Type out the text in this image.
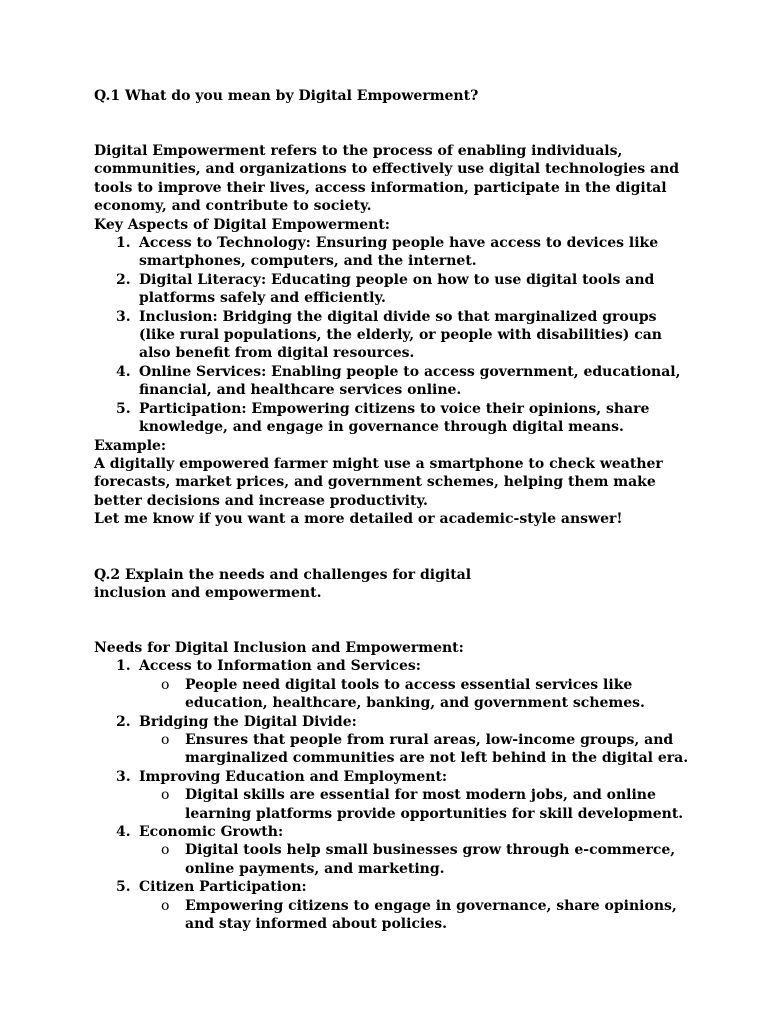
Q.1 What do you mean by Digital Empowerment?

Digital Empowerment refers to the process of enabling individuals, communities, and organizations to effectively use digital technologies and tools to improve their lives, access information, participate in the digital economy, and contribute to society.

Key Aspects of Digital Empowerment:

1. Access to Technology: Ensuring people have access to devices like smartphones, computers, and the internet.
2. Digital Literacy: Educating people on how to use digital tools and platforms safely and efficiently.
3. Inclusion: Bridging the digital divide so that marginalized groups (like rural populations, the elderly, or people with disabilities) can also benefit from digital resources.
4. Online Services: Enabling people to access government, educational, financial, and healthcare services online.
5. Participation: Empowering citizens to voice their opinions, share knowledge, and engage in governance through digital means.

Example:

A digitally empowered farmer might use a smartphone to check weather forecasts, market prices, and government schemes, helping them make better decisions and increase productivity.

Let me know if you want a more detailed or academic-style answer!

Q.2 Explain the needs and challenges for digital inclusion and empowerment.

Needs for Digital Inclusion and Empowerment:

1. Access to Information and Services:
o People need digital tools to access essential services like education, healthcare, banking, and government schemes.
2. Bridging the Digital Divide:
o Ensures that people from rural areas, low-income groups, and marginalized communities are not left behind in the digital era.
3. Improving Education and Employment:
o Digital skills are essential for most modern jobs, and online learning platforms provide opportunities for skill development.
4. Economic Growth:
o Digital tools help small businesses grow through e-commerce, online payments, and marketing.
5. Citizen Participation:
o Empowering citizens to engage in governance, share opinions, and stay informed about policies.
